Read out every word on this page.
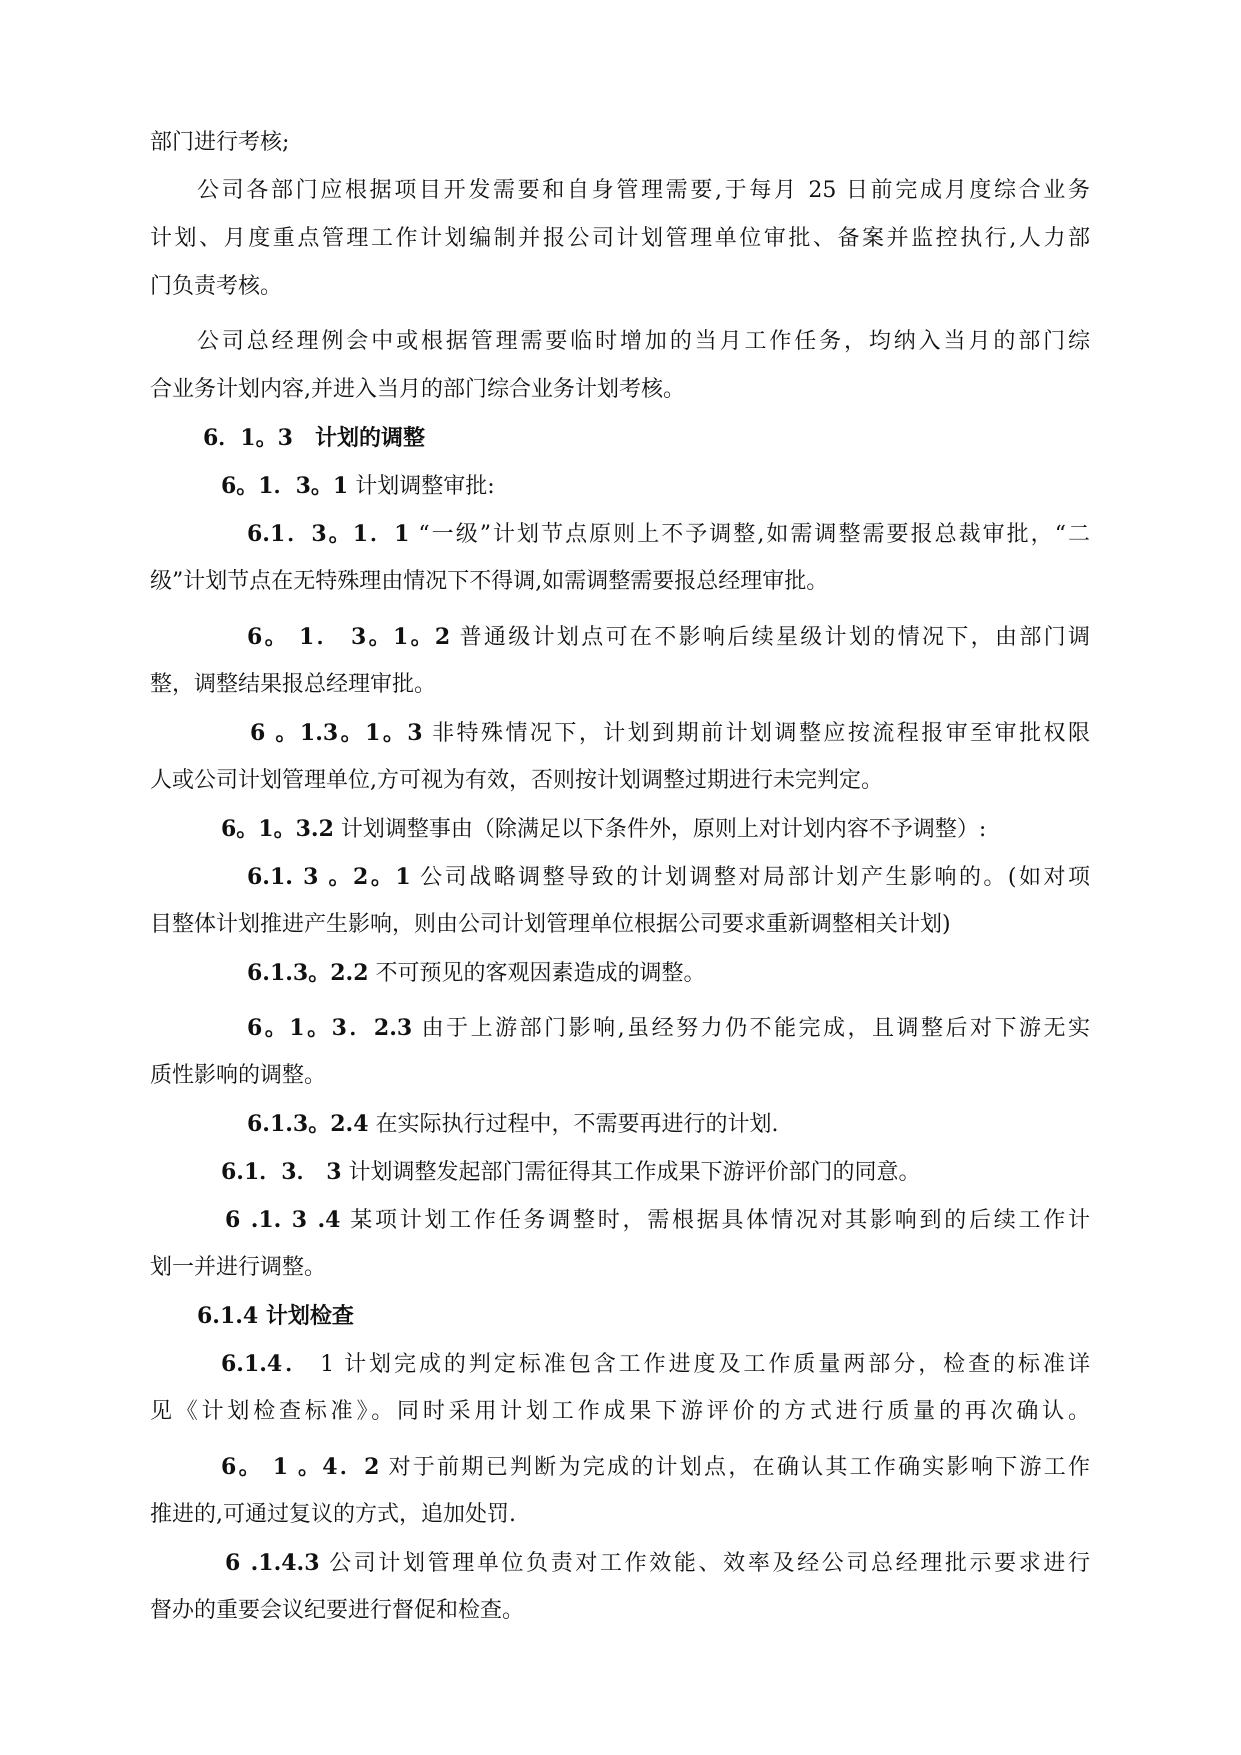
部门进行考核;
公司各部门应根据项目开发需要和自身管理需要,于每月 25 日前完成月度综合业务
计划、月度重点管理工作计划编制并报公司计划管理单位审批、备案并监控执行,人力部
门负责考核。
公司总经理例会中或根据管理需要临时增加的当月工作任务，均纳入当月的部门综
合业务计划内容,并进入当月的部门综合业务计划考核。
6．1。3　计划的调整
6。1．3。1 计划调整审批:
6.1．3。1．1 “一级”计划节点原则上不予调整,如需调整需要报总裁审批，“二
级”计划节点在无特殊理由情况下不得调,如需调整需要报总经理审批。
6。 1． 3。1。2 普通级计划点可在不影响后续星级计划的情况下，由部门调
整，调整结果报总经理审批。
6 。1.3。1。3 非特殊情况下，计划到期前计划调整应按流程报审至审批权限
人或公司计划管理单位,方可视为有效，否则按计划调整过期进行未完判定。
6。1。3.2 计划调整事由（除满足以下条件外，原则上对计划内容不予调整）:
6.1. 3 。2。1 公司战略调整导致的计划调整对局部计划产生影响的。(如对项
目整体计划推进产生影响，则由公司计划管理单位根据公司要求重新调整相关计划)
6.1.3。2.2 不可预见的客观因素造成的调整。
6。1。3．2.3 由于上游部门影响,虽经努力仍不能完成，且调整后对下游无实
质性影响的调整。
6.1.3。2.4 在实际执行过程中，不需要再进行的计划.
6.1．3． 3 计划调整发起部门需征得其工作成果下游评价部门的同意。
6 .1. 3 .4 某项计划工作任务调整时，需根据具体情况对其影响到的后续工作计
划一并进行调整。
6.1.4 计划检查
6.1.4． 1 计划完成的判定标准包含工作进度及工作质量两部分，检查的标准详
见《计划检查标准》。同时采用计划工作成果下游评价的方式进行质量的再次确认。
6。 1 。4．2 对于前期已判断为完成的计划点，在确认其工作确实影响下游工作
推进的,可通过复议的方式，追加处罚.
6 .1.4.3 公司计划管理单位负责对工作效能、效率及经公司总经理批示要求进行
督办的重要会议纪要进行督促和检查。
